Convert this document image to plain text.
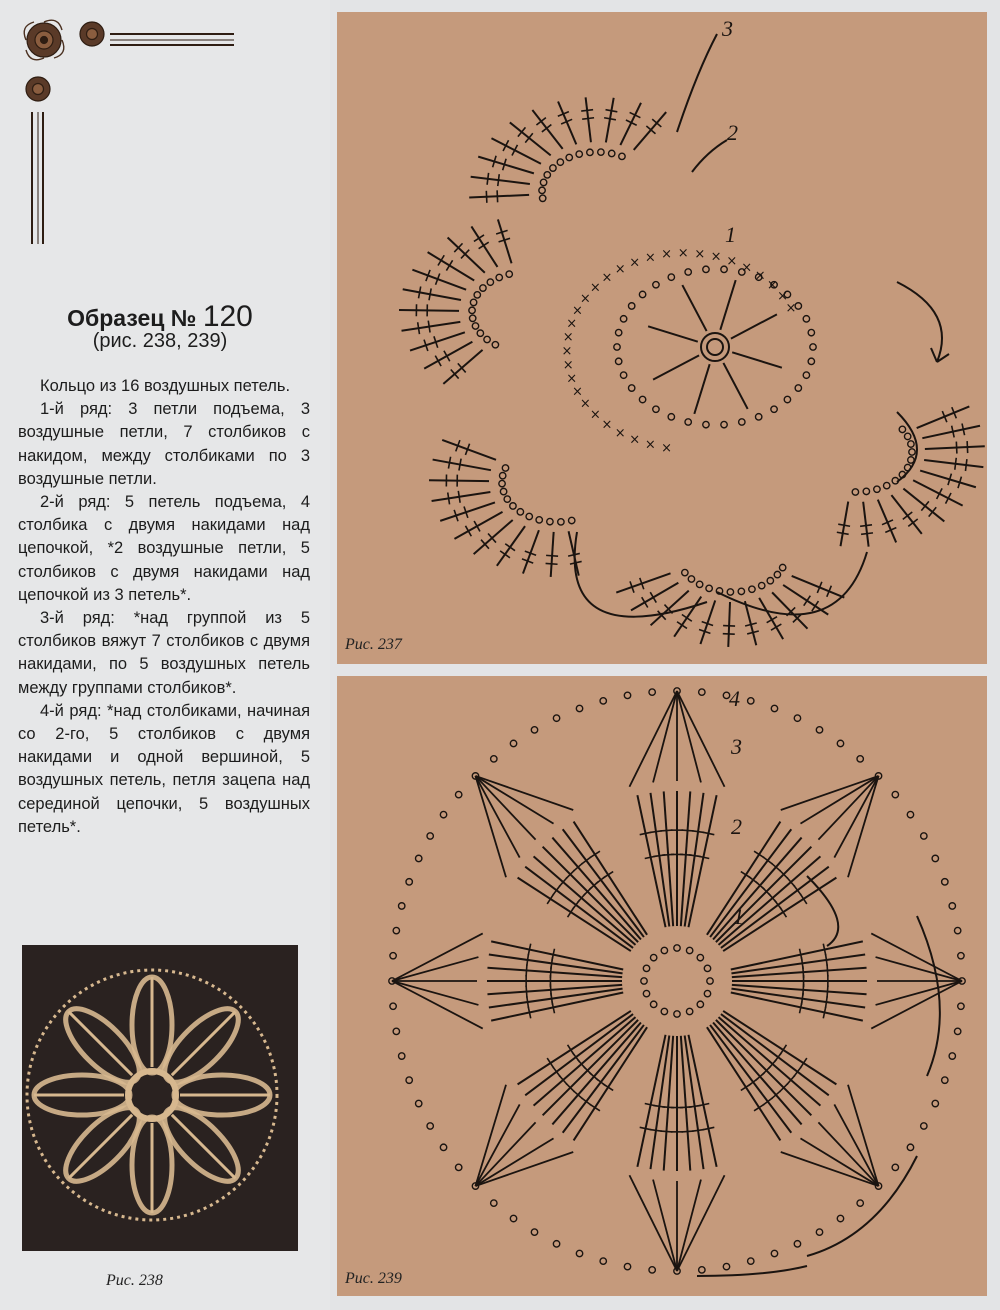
Образец № 120
(рис. 238, 239)

Кольцо из 16 воздушных петель.

1-й ряд: 3 петли подъема, 3 воздушные петли, 7 столбиков с накидом, между столбиками по 3 воздушные петли.

2-й ряд: 5 петель подъема, 4 столбика с двумя накидами над цепочкой, *2 воздушные петли, 5 столбиков с двумя накидами над цепочкой из 3 петель*.

3-й ряд: *над группой из 5 столбиков вяжут 7 столбиков с двумя накидами, по 5 воздушных петель между группами столбиков*.

4-й ряд: *над столбиками, начиная со 2-го, 5 столбиков с двумя накидами и одной вершиной, 5 воздушных петель, петля зацепа над серединой цепочки, 5 воздушных петель*.

Рис. 238
×
×
×
×
×
×
×
×
×
×
×
×
×
×
×
×
×
× × × × × × × × ×
×
×
×
×
1
2
3
Рис. 237
1
2
3
4
Рис. 239
